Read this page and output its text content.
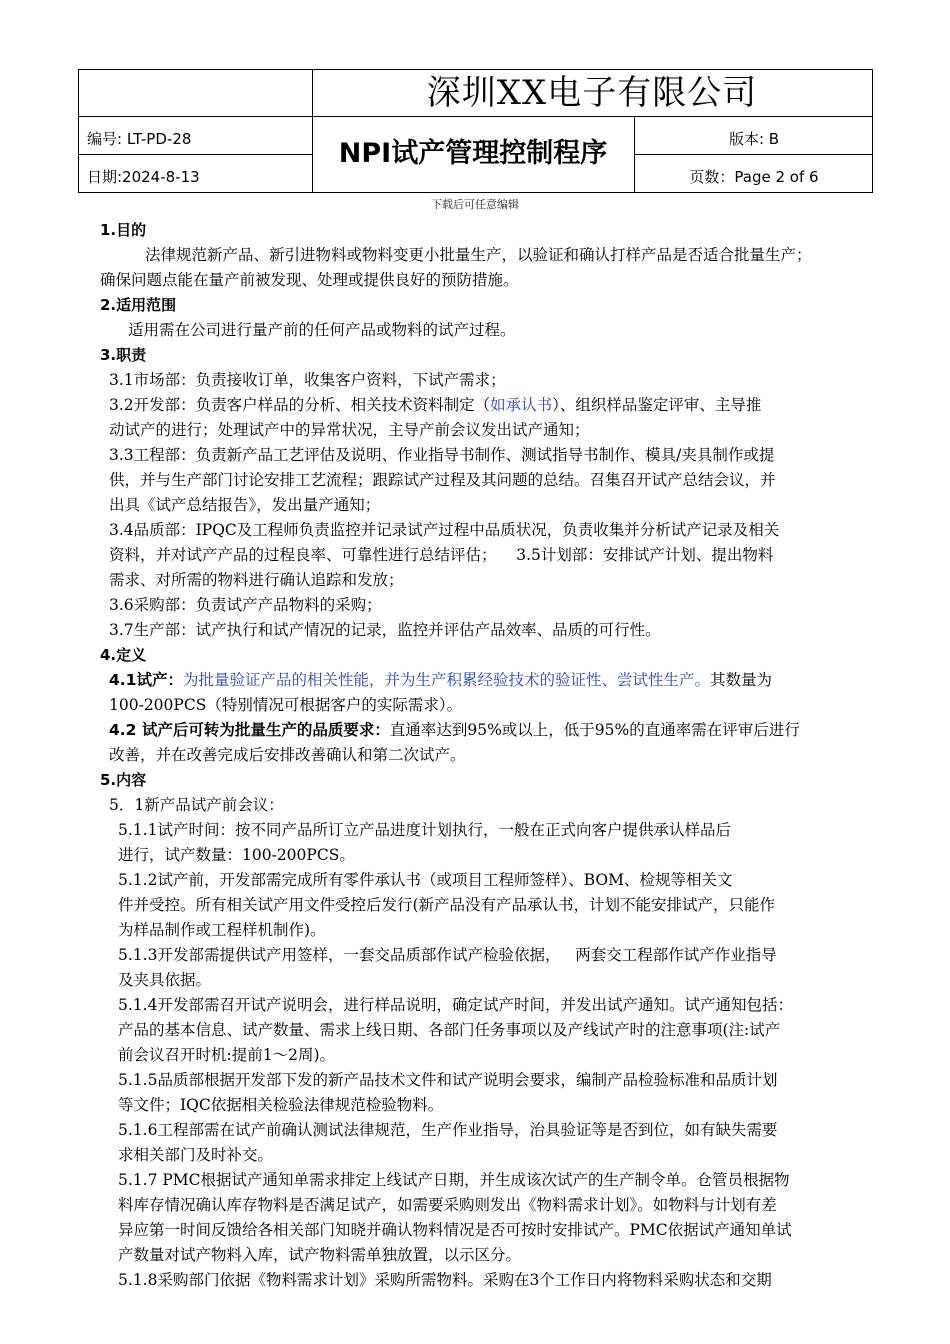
深圳XX电子有限公司
NPI试产管理控制程序
编号: LT-PD-28
日期:2024-8-13
版本: B
页数：Page 2 of 6
下载后可任意编辑

1.目的

法律规范新产品、新引进物料或物料变更小批量生产，以验证和确认打样产品是否适合批量生产；

确保问题点能在量产前被发现、处理或提供良好的预防措施。

2.适用范围

适用需在公司进行量产前的任何产品或物料的试产过程。

3.职责

3.1市场部：负责接收订单，收集客户资料，下试产需求；

3.2开发部：负责客户样品的分析、相关技术资料制定（如承认书）、组织样品鉴定评审、主导推

动试产的进行；处理试产中的异常状况，主导产前会议发出试产通知；

3.3工程部：负责新产品工艺评估及说明、作业指导书制作、测试指导书制作、模具/夹具制作或提

供，并与生产部门讨论安排工艺流程；跟踪试产过程及其问题的总结。召集召开试产总结会议，并

出具《试产总结报告》，发出量产通知；

3.4品质部：IPQC及工程师负责监控并记录试产过程中品质状况，负责收集并分析试产记录及相关

资料，并对试产产品的过程良率、可靠性进行总结评估；    3.5计划部：安排试产计划、提出物料

需求、对所需的物料进行确认追踪和发放；

3.6采购部：负责试产产品物料的采购；

3.7生产部：试产执行和试产情况的记录，监控并评估产品效率、品质的可行性。

4.定义

4.1试产：为批量验证产品的相关性能，并为生产积累经验技术的验证性、尝试性生产。其数量为

100-200PCS（特别情况可根据客户的实际需求）。

4.2 试产后可转为批量生产的品质要求：直通率达到95%或以上，低于95%的直通率需在评审后进行

改善，并在改善完成后安排改善确认和第二次试产。

5.内容

5．1新产品试产前会议：

5.1.1试产时间：按不同产品所订立产品进度计划执行，一般在正式向客户提供承认样品后

进行，试产数量：100-200PCS。

5.1.2试产前，开发部需完成所有零件承认书（或项目工程师签样）、BOM、检规等相关文

件并受控。所有相关试产用文件受控后发行(新产品没有产品承认书，计划不能安排试产，只能作

为样品制作或工程样机制作)。

5.1.3开发部需提供试产用签样，一套交品质部作试产检验依据，   两套交工程部作试产作业指导

及夹具依据。

5.1.4开发部需召开试产说明会，进行样品说明，确定试产时间，并发出试产通知。试产通知包括：

产品的基本信息、试产数量、需求上线日期、各部门任务事项以及产线试产时的注意事项(注:试产

前会议召开时机:提前1～2周)。

5.1.5品质部根据开发部下发的新产品技术文件和试产说明会要求，编制产品检验标准和品质计划

等文件；IQC依据相关检验法律规范检验物料。

5.1.6工程部需在试产前确认测试法律规范，生产作业指导，治具验证等是否到位，如有缺失需要

求相关部门及时补交。

5.1.7 PMC根据试产通知单需求排定上线试产日期，并生成该次试产的生产制令单。仓管员根据物

料库存情况确认库存物料是否满足试产，如需要采购则发出《物料需求计划》。如物料与计划有差

异应第一时间反馈给各相关部门知晓并确认物料情况是否可按时安排试产。PMC依据试产通知单试

产数量对试产物料入库，试产物料需单独放置，以示区分。

5.1.8采购部门依据《物料需求计划》采购所需物料。采购在3个工作日内将物料采购状态和交期
